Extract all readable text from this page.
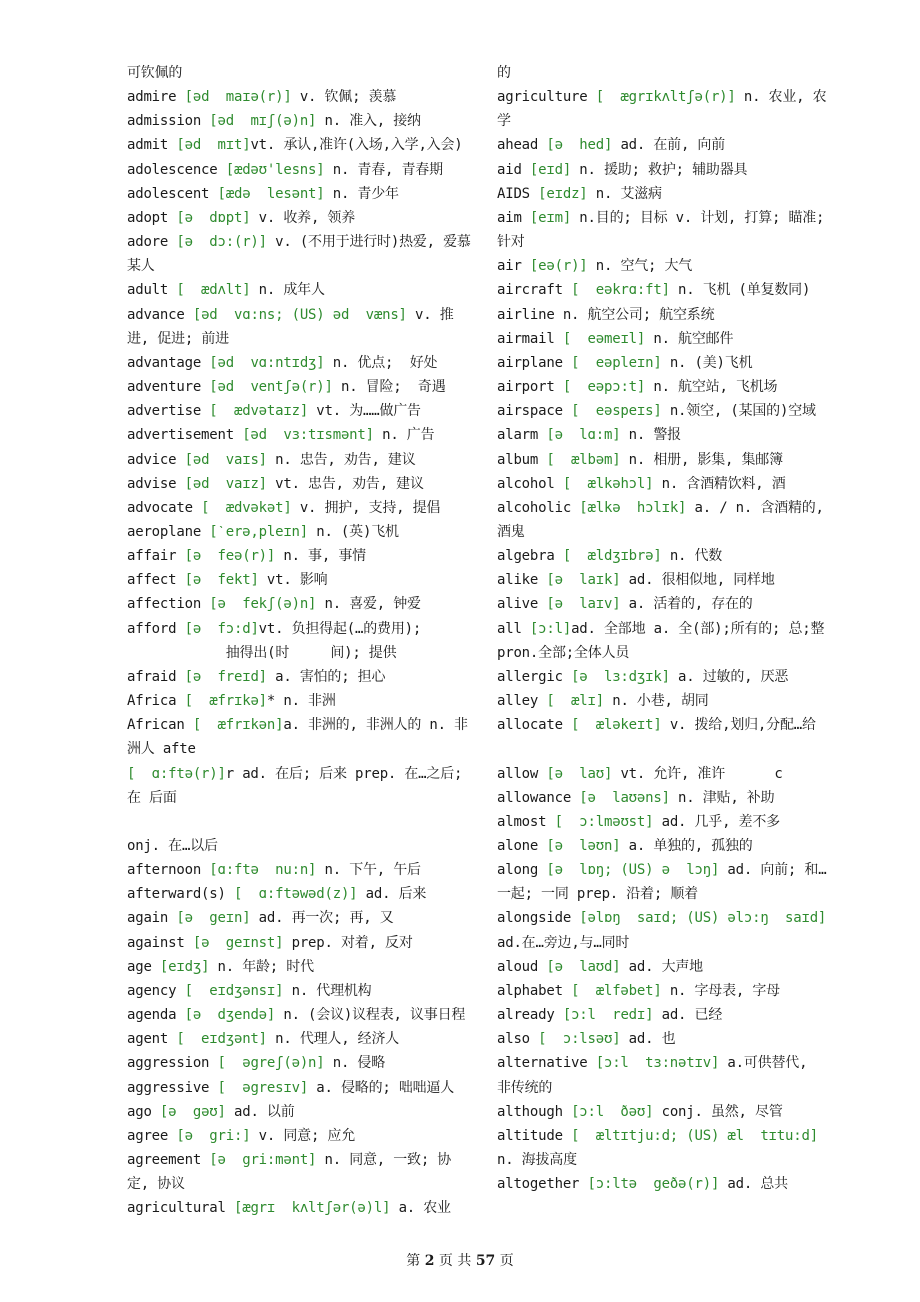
可钦佩的

admire [əd  maɪə(r)] v. 钦佩; 羡慕

admission [əd  mɪʃ(ə)n] n. 准入, 接纳

admit [əd  mɪt]vt. 承认,准许(入场,入学,入会)

adolescence [ædəʊ'lesns] n. 青春, 青春期

adolescent [ædə  lesənt] n. 青少年

adopt [ə  dɒpt] v. 收养, 领养

adore [ə  dɔ:(r)] v. (不用于进行时)热爱, 爱慕某人

adult [  ædʌlt] n. 成年人

advance [əd  vɑ:ns; (US) əd  væns] v. 推进, 促进; 前进

advantage [əd  vɑ:ntɪdʒ] n. 优点;  好处

adventure [əd  ventʃə(r)] n. 冒险;  奇遇

advertise [  ædvətaɪz] vt. 为……做广告

advertisement [əd  vɜ:tɪsmənt] n. 广告

advice [əd  vaɪs] n. 忠告, 劝告, 建议

advise [əd  vaɪz] vt. 忠告, 劝告, 建议

advocate [  ædvəkət] v. 拥护, 支持, 提倡

aeroplane [ˋerə,pleɪn] n. (英)飞机

affair [ə  feə(r)] n. 事, 事情

affect [ə  fekt] vt. 影响

affection [ə  fekʃ(ə)n] n. 喜爱, 钟爱

afford [ə  fɔ:d]vt. 负担得起(…的费用);

抽得出(时     间); 提供

afraid [ə  freɪd] a. 害怕的; 担心

Africa [  æfrɪkə]* n. 非洲

African [  æfrɪkən]a. 非洲的, 非洲人的 n. 非洲人 afte

[  ɑ:ftə(r)]r ad. 在后; 后来 prep. 在…之后; 在 后面

onj. 在…以后

afternoon [ɑ:ftə  nu:n] n. 下午, 午后

afterward(s) [  ɑ:ftəwəd(z)] ad. 后来

again [ə  geɪn] ad. 再一次; 再, 又

against [ə  geɪnst] prep. 对着, 反对

age [eɪdʒ] n. 年龄; 时代

agency [  eɪdʒənsɪ] n. 代理机构

agenda [ə  dʒendə] n. (会议)议程表, 议事日程

agent [  eɪdʒənt] n. 代理人, 经济人

aggression [  əgreʃ(ə)n] n. 侵略

aggressive [  əgresɪv] a. 侵略的; 咄咄逼人

ago [ə  gəʊ] ad. 以前

agree [ə  gri:] v. 同意; 应允

agreement [ə  gri:mənt] n. 同意, 一致; 协定, 协议

agricultural [ægrɪ  kʌltʃər(ə)l] a. 农业

的

agriculture [  ægrɪkʌltʃə(r)] n. 农业, 农学

ahead [ə  hed] ad. 在前, 向前

aid [eɪd] n. 援助; 救护; 辅助器具

AIDS [eɪdz] n. 艾滋病

aim [eɪm] n.目的; 目标 v. 计划, 打算; 瞄准; 针对

air [eə(r)] n. 空气; 大气

aircraft [  eəkrɑ:ft] n. 飞机 (单复数同)

airline n. 航空公司; 航空系统

airmail [  eəmeɪl] n. 航空邮件

airplane [  eəpleɪn] n. (美)飞机

airport [  eəpɔ:t] n. 航空站, 飞机场

airspace [  eəspeɪs] n.领空, (某国的)空域

alarm [ə  lɑ:m] n. 警报

album [  ælbəm] n. 相册, 影集, 集邮簿

alcohol [  ælkəhɔl] n. 含酒精饮料, 酒

alcoholic [ælkə  hɔlɪk] a. / n. 含酒精的, 酒鬼

algebra [  ældʒɪbrə] n. 代数

alike [ə  laɪk] ad. 很相似地, 同样地

alive [ə  laɪv] a. 活着的, 存在的

all [ɔ:l]ad. 全部地 a. 全(部);所有的; 总;整 pron.全部;全体人员

allergic [ə  lɜ:dʒɪk] a. 过敏的, 厌恶

alley [  ælɪ] n. 小巷, 胡同

allocate [  æləkeɪt] v. 拨给,划归,分配…给

allow [ə  laʊ] vt. 允许, 准许      c

allowance [ə  laʊəns] n. 津贴, 补助

almost [  ɔ:lməʊst] ad. 几乎, 差不多

alone [ə  ləʊn] a. 单独的, 孤独的

along [ə  lɒŋ; (US) ə  lɔŋ] ad. 向前; 和…一起; 一同 prep. 沿着; 顺着

alongside [əlɒŋ  saɪd; (US) əlɔ:ŋ  saɪd] ad.在…旁边,与…同时

aloud [ə  laʊd] ad. 大声地

alphabet [  ælfəbet] n. 字母表, 字母

already [ɔ:l  redɪ] ad. 已经

also [  ɔ:lsəʊ] ad. 也

alternative [ɔ:l  tɜ:nətɪv] a.可供替代, 非传统的

although [ɔ:l  ðəʊ] conj. 虽然, 尽管

altitude [  æltɪtju:d; (US) æl  tɪtu:d] n. 海拔高度

altogether [ɔ:ltə  geðə(r)] ad. 总共

第 2 页 共 57 页
